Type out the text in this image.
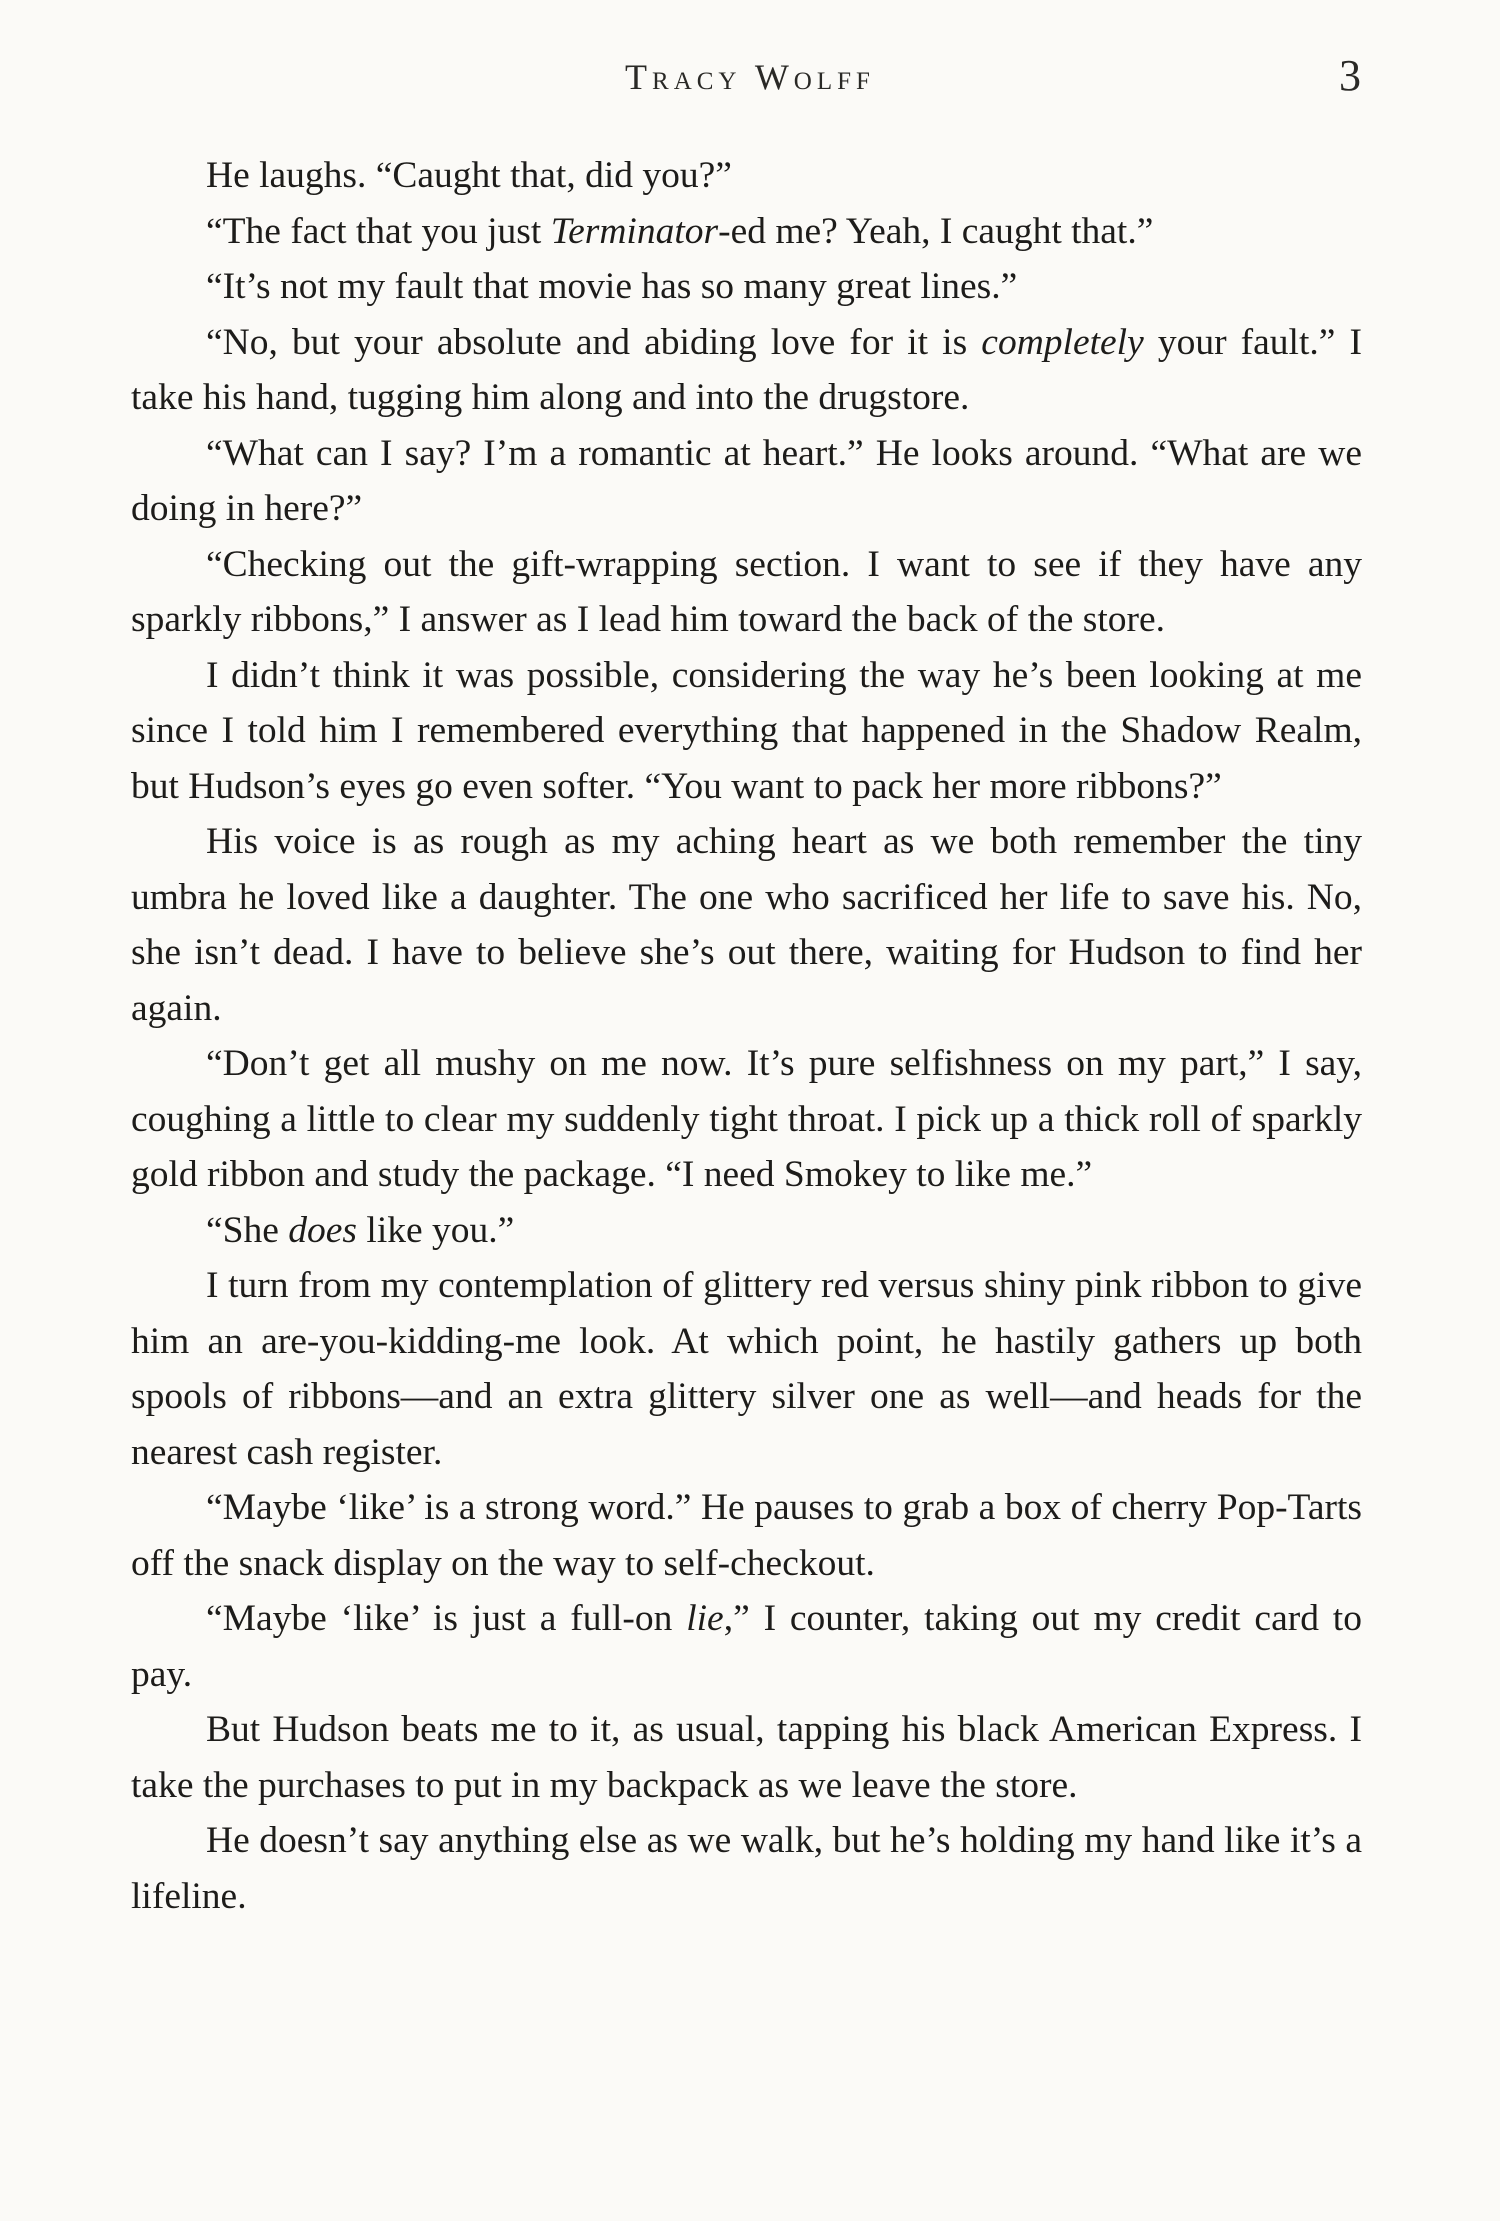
Tracy Wolff	3

He laughs. “Caught that, did you?”

“The fact that you just Terminator-ed me? Yeah, I caught that.”

“It’s not my fault that movie has so many great lines.”

“No, but your absolute and abiding love for it is completely your fault.” I take his hand, tugging him along and into the drugstore.

“What can I say? I’m a romantic at heart.” He looks around. “What are we doing in here?”

“Checking out the gift-wrapping section. I want to see if they have any sparkly ribbons,” I answer as I lead him toward the back of the store.

I didn’t think it was possible, considering the way he’s been looking at me since I told him I remembered everything that happened in the Shadow Realm, but Hudson’s eyes go even softer. “You want to pack her more ribbons?”

His voice is as rough as my aching heart as we both remember the tiny umbra he loved like a daughter. The one who sacrificed her life to save his. No, she isn’t dead. I have to believe she’s out there, waiting for Hudson to find her again.

“Don’t get all mushy on me now. It’s pure selfishness on my part,” I say, coughing a little to clear my suddenly tight throat. I pick up a thick roll of sparkly gold ribbon and study the package. “I need Smokey to like me.”

“She does like you.”

I turn from my contemplation of glittery red versus shiny pink ribbon to give him an are-you-kidding-me look. At which point, he hastily gathers up both spools of ribbons—and an extra glittery silver one as well—and heads for the nearest cash register.

“Maybe ‘like’ is a strong word.” He pauses to grab a box of cherry Pop-Tarts off the snack display on the way to self-checkout.

“Maybe ‘like’ is just a full-on lie,” I counter, taking out my credit card to pay.

But Hudson beats me to it, as usual, tapping his black American Express. I take the purchases to put in my backpack as we leave the store.

He doesn’t say anything else as we walk, but he’s holding my hand like it’s a lifeline.
